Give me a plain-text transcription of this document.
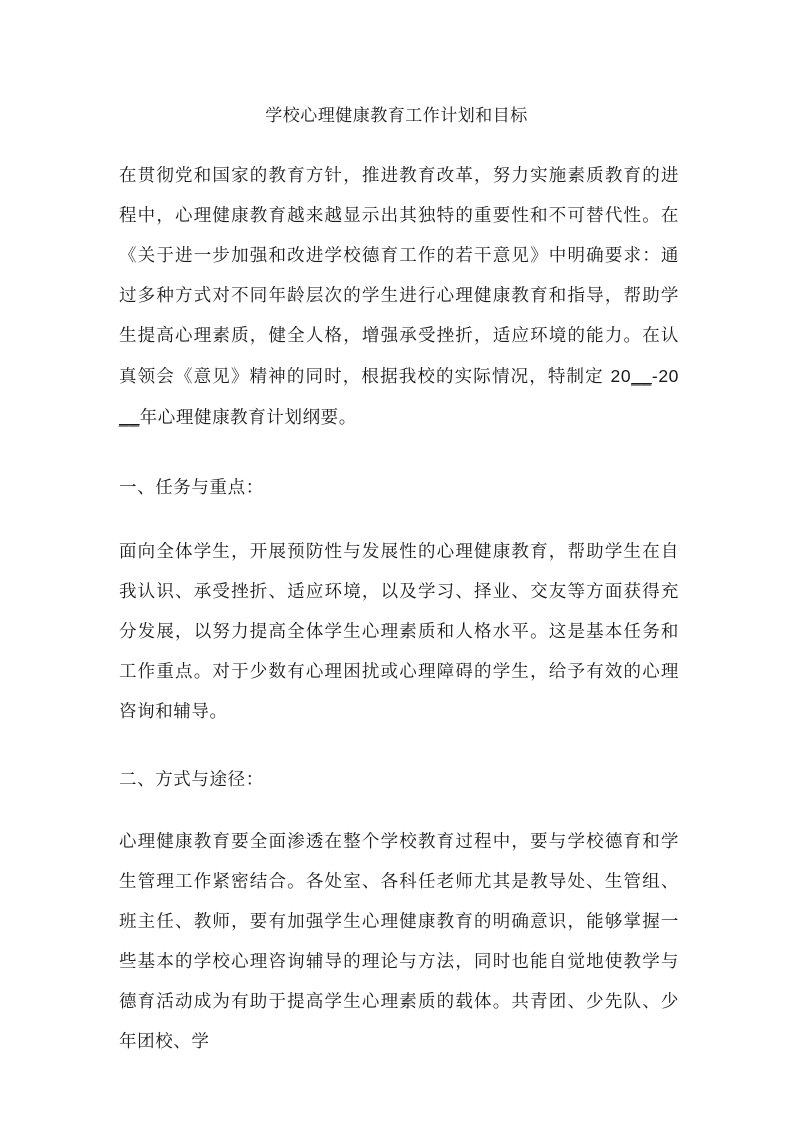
学校心理健康教育工作计划和目标
在贯彻党和国家的教育方针，推进教育改革，努力实施素质教育的进程中，心理健康教育越来越显示出其独特的重要性和不可替代性。在《关于进一步加强和改进学校德育工作的若干意见》中明确要求：通过多种方式对不同年龄层次的学生进行心理健康教育和指导，帮助学生提高心理素质，健全人格，增强承受挫折，适应环境的能力。在认真领会《意见》精神的同时，根据我校的实际情况，特制定 20__-20__年心理健康教育计划纲要。
一、任务与重点：
面向全体学生，开展预防性与发展性的心理健康教育，帮助学生在自我认识、承受挫折、适应环境，以及学习、择业、交友等方面获得充分发展，以努力提高全体学生心理素质和人格水平。这是基本任务和工作重点。对于少数有心理困扰或心理障碍的学生，给予有效的心理咨询和辅导。
二、方式与途径：
心理健康教育要全面渗透在整个学校教育过程中，要与学校德育和学生管理工作紧密结合。各处室、各科任老师尤其是教导处、生管组、班主任、教师，要有加强学生心理健康教育的明确意识，能够掌握一些基本的学校心理咨询辅导的理论与方法，同时也能自觉地使教学与德育活动成为有助于提高学生心理素质的载体。共青团、少先队、少年团校、学
